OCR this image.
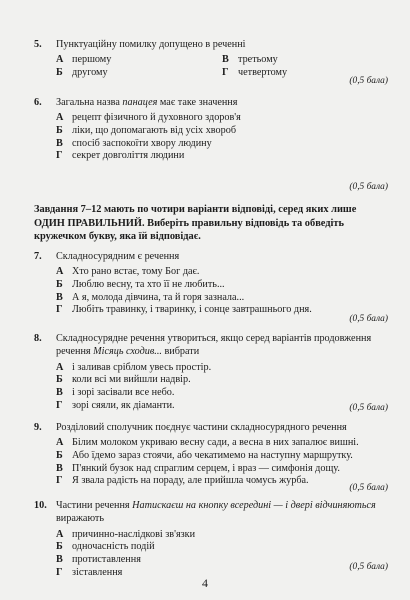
5.	Пунктуаційну помилку допущено в реченні
А першому	В третьому
Б другому	Г четвертому
(0,5 бала)
6.	Загальна назва панацея має таке значення
А рецепт фізичного й духовного здоров'я
Б ліки, що допомагають від усіх хвороб
В спосіб заспокоїти хвору людину
Г секрет довголіття людини
(0,5 бала)
Завдання 7–12 мають по чотири варіанти відповіді, серед яких лише ОДИН ПРАВИЛЬНИЙ. Виберіть правильну відповідь та обведіть кружечком букву, яка їй відповідає.
7.	Складносурядним є речення
А Хто рано встає, тому Бог дає.
Б Люблю весну, та хто її не любить...
В А я, молода дівчина, та й горя зазнала...
Г Любіть травинку, і тваринку, і сонце завтрашнього дня.
(0,5 бала)
8.	Складносурядне речення утвориться, якщо серед варіантів продовження речення Місяць сходив... вибрати
А і заливав сріблом увесь простір.
Б коли всі ми вийшли надвір.
В і зорі засівали все небо.
Г зорі сяяли, як діаманти.	(0,5 бала)
9.	Розділовий сполучник поєднує частини складносурядного речення
А Білим молоком укриваю весну сади, а весна в них запалює вишні.
Б Або їдемо зараз стоячи, або чекатимемо на наступну маршрутку.
В П'янкий бузок над спраглим серцем, і враз — симфонія дощу.
Г Я звала радість на пораду, але прийшла чомусь журба.
(0,5 бала)
10. Частини речення Натискаєш на кнопку всередині — і двері відчиняються виражають
А причинно-наслідкові зв'язки
Б одночасність подій
В протиставлення
Г зіставлення	(0,5 бала)
4
